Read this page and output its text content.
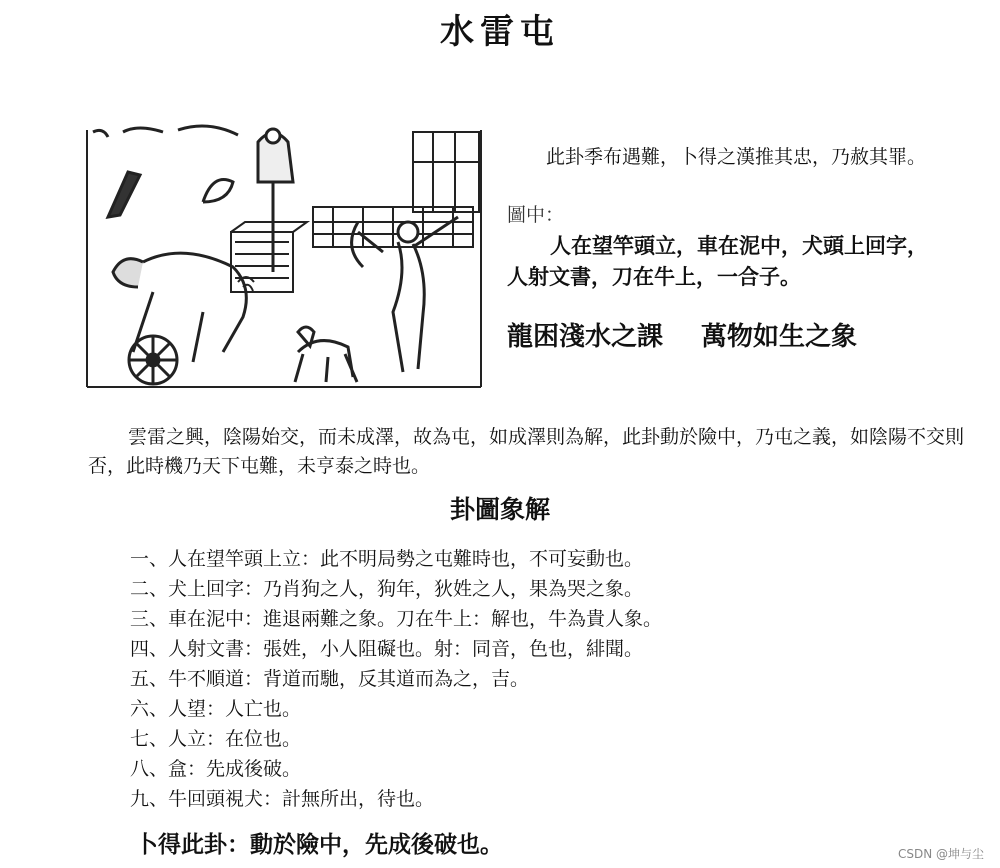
水雷屯
此卦季布遇難，卜得之漢推其忠，乃赦其罪。
圖中：
人在望竿頭立，車在泥中，犬頭上回字，
人射文書，刀在牛上，一合子。
龍困淺水之課 萬物如生之象
雲雷之興，陰陽始交，而未成澤，故為屯，如成澤則為解，此卦動於險中，乃屯之義，如陰陽不交則否，此時機乃天下屯難，未亨泰之時也。
卦圖象解
一、人在望竿頭上立：此不明局勢之屯難時也，不可妄動也。
二、犬上回字：乃肖狗之人，狗年，狄姓之人，果為哭之象。
三、車在泥中：進退兩難之象。刀在牛上：解也，牛為貴人象。
四、人射文書：張姓，小人阻礙也。射：同音，色也，緋聞。
五、牛不順道：背道而馳，反其道而為之，吉。
六、人望：人亡也。
七、人立：在位也。
八、盒：先成後破。
九、牛回頭視犬：計無所出，待也。
卜得此卦：動於險中，先成後破也。	CSDN @坤与尘
